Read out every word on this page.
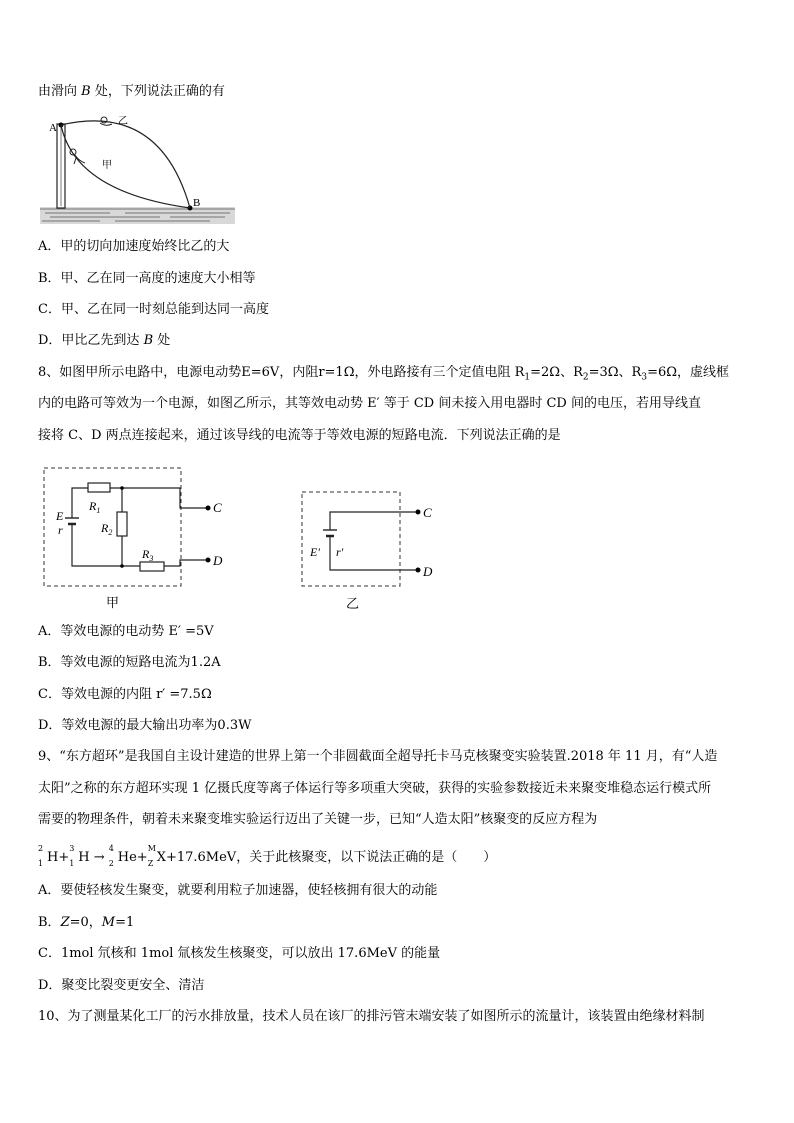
由滑向 B 处，下列说法正确的有
A
B
甲
乙
A．甲的切向加速度始终比乙的大
B．甲、乙在同一高度的速度大小相等
C．甲、乙在同一时刻总能到达同一高度
D．甲比乙先到达 B 处
8、如图甲所示电路中，电源电动势E=6V，内阻r=1Ω，外电路接有三个定值电阻 $R_1=2\Omega$、$R_2=3\Omega$、$R_3=6\Omega$，虚线框
内的电路可等效为一个电源，如图乙所示，其等效电动势 E′ 等于 CD 间未接入用电器时 CD 间的电压，若用导线直
接将 C、D 两点连接起来，通过该导线的电流等于等效电源的短路电流．下列说法正确的是
E
r
$R_1$
$R_2$
$R_3$
C
D
甲
E′ r′
C
D
乙
A．等效电源的电动势 E′ =5V
B．等效电源的短路电流为1.2A
C．等效电源的内阻 r′ =7.5Ω
D．等效电源的最大输出功率为0.3W
9、“东方超环”是我国自主设计建造的世界上第一个非圆截面全超导托卡马克核聚变实验装置.2018 年 11 月，有“人造
太阳”之称的东方超环实现 1 亿摄氏度等离子体运行等多项重大突破，获得的实验参数接近未来聚变堆稳态运行模式所
需要的物理条件，朝着未来聚变堆实验运行迈出了关键一步，已知“人造太阳”核聚变的反应方程为
2
1 H+
3
1 H →
4
2 He+
M
Z X+17.6MeV，关于此核聚变，以下说法正确的是（　　）
A．要使轻核发生聚变，就要利用粒子加速器，使轻核拥有很大的动能
B．Z=0，M=1
C．1mol 氘核和 1mol 氚核发生核聚变，可以放出 17.6MeV 的能量
D．聚变比裂变更安全、清洁
10、为了测量某化工厂的污水排放量，技术人员在该厂的排污管末端安装了如图所示的流量计，该装置由绝缘材料制
